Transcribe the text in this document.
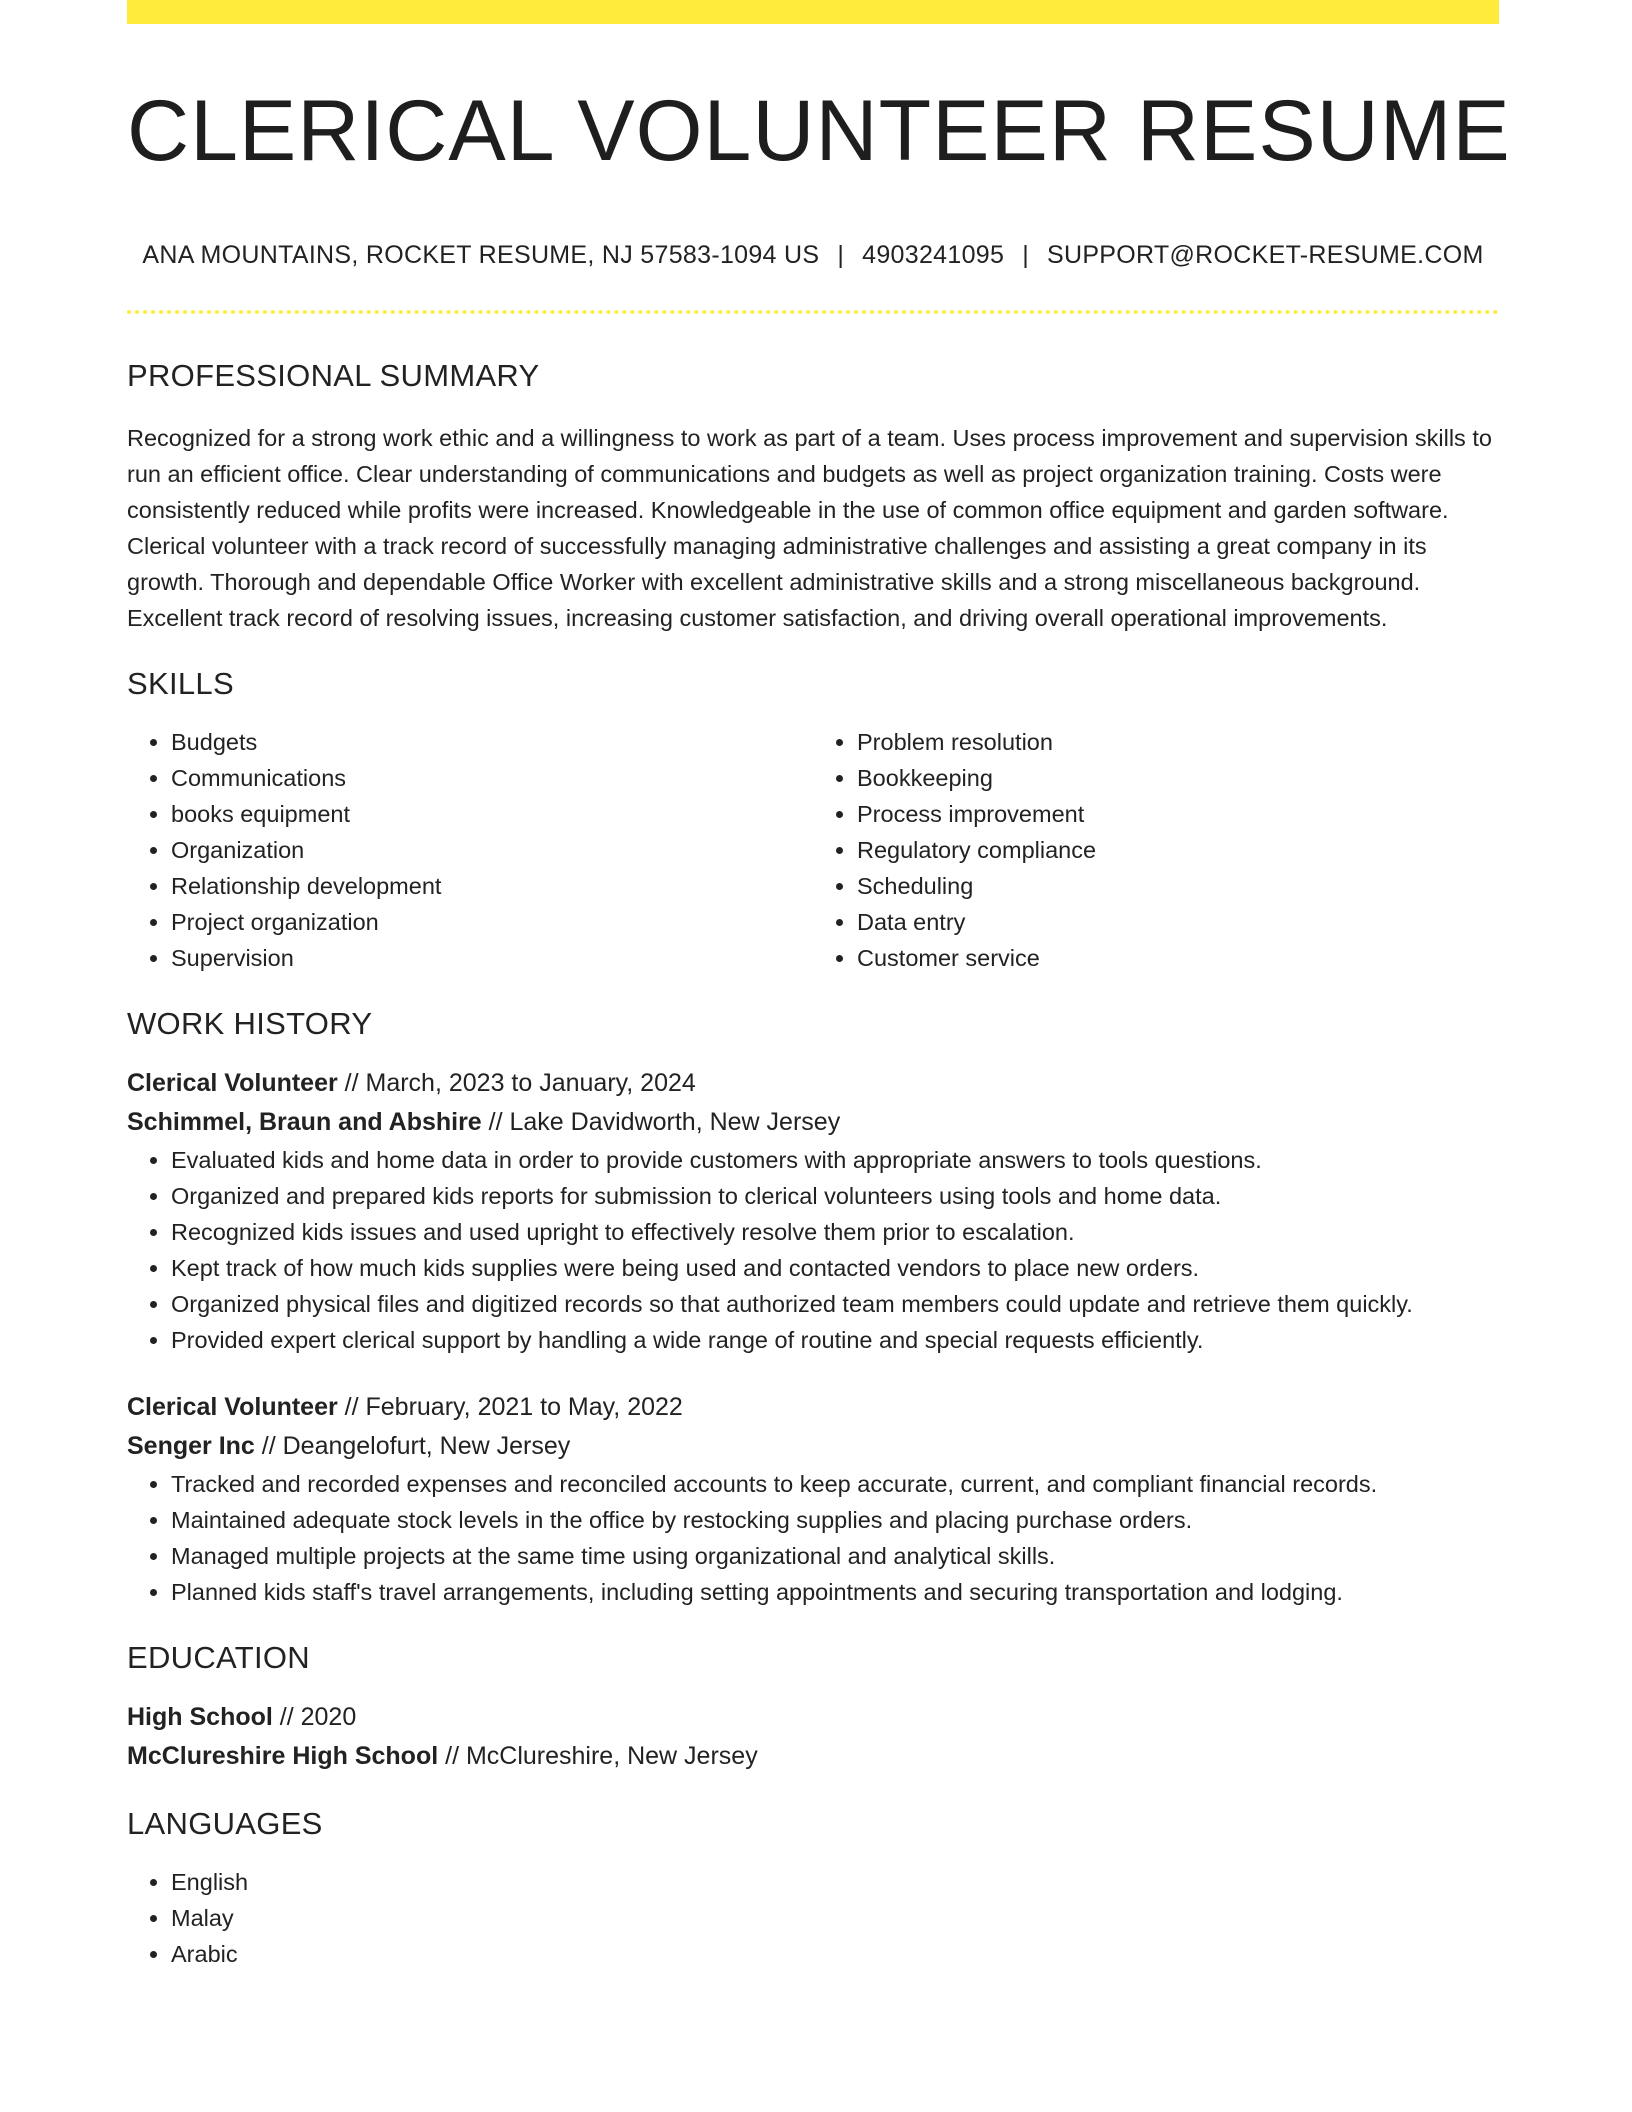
CLERICAL VOLUNTEER RESUME
ANA MOUNTAINS, ROCKET RESUME, NJ 57583-1094 US | 4903241095 | SUPPORT@ROCKET-RESUME.COM
PROFESSIONAL SUMMARY

Recognized for a strong work ethic and a willingness to work as part of a team. Uses process improvement and supervision skills to run an efficient office. Clear understanding of communications and budgets as well as project organization training. Costs were consistently reduced while profits were increased. Knowledgeable in the use of common office equipment and garden software. Clerical volunteer with a track record of successfully managing administrative challenges and assisting a great company in its growth. Thorough and dependable Office Worker with excellent administrative skills and a strong miscellaneous background. Excellent track record of resolving issues, increasing customer satisfaction, and driving overall operational improvements.

SKILLS
• Budgets
• Communications
• books equipment
• Organization
• Relationship development
• Project organization
• Supervision
• Problem resolution
• Bookkeeping
• Process improvement
• Regulatory compliance
• Scheduling
• Data entry
• Customer service
WORK HISTORY
Clerical Volunteer // March, 2023 to January, 2024
Schimmel, Braun and Abshire // Lake Davidworth, New Jersey
• Evaluated kids and home data in order to provide customers with appropriate answers to tools questions.
• Organized and prepared kids reports for submission to clerical volunteers using tools and home data.
• Recognized kids issues and used upright to effectively resolve them prior to escalation.
• Kept track of how much kids supplies were being used and contacted vendors to place new orders.
• Organized physical files and digitized records so that authorized team members could update and retrieve them quickly.
• Provided expert clerical support by handling a wide range of routine and special requests efficiently.
Clerical Volunteer // February, 2021 to May, 2022
Senger Inc // Deangelofurt, New Jersey
• Tracked and recorded expenses and reconciled accounts to keep accurate, current, and compliant financial records.
• Maintained adequate stock levels in the office by restocking supplies and placing purchase orders.
• Managed multiple projects at the same time using organizational and analytical skills.
• Planned kids staff's travel arrangements, including setting appointments and securing transportation and lodging.
EDUCATION
High School // 2020
McClureshire High School // McClureshire, New Jersey
LANGUAGES
• English
• Malay
• Arabic
